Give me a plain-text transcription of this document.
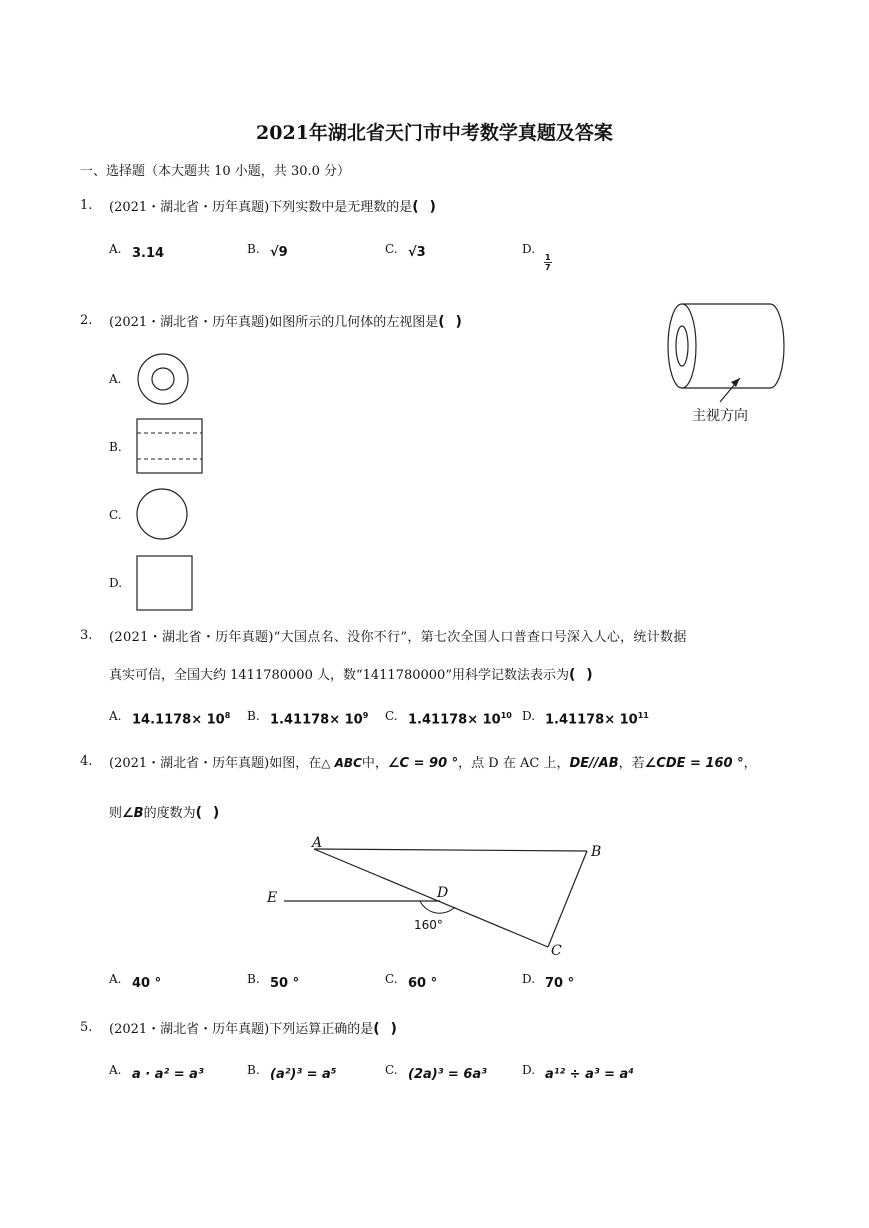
2021年湖北省天门市中考数学真题及答案
一、选择题（本大题共 10 小题，共 30.0 分）
1. (2021・湖北省・历年真题)下列实数中是无理数的是( )
A. 3.14	B. √9	C. √3	D.
$\frac{1}{7}$
2. (2021・湖北省・历年真题)如图所示的几何体的左视图是( )
主视方向
A.
B.
C.
D.
3. (2021・湖北省・历年真题)“大国点名、没你不行”，第七次全国人口普查口号深入人心，统计数据
真实可信，全国大约 1411780000 人，数“1411780000”用科学记数法表示为( )
A. $14.1178\times 10^8$ B. $1.41178\times 10^9$ C. $1.41178\times 10^{10}$ D. $1.41178\times 10^{11}$
4. (2021・湖北省・历年真题)如图，在△ ABC中，∠C = 90 °，点 D 在 AC 上，DE//AB，若∠CDE = 160 °，
则∠B的度数为( )
A
B
C
D
E
160°
A. 40 °	B. 50 °	C. 60 °	D. 70 °
5. (2021・湖北省・历年真题)下列运算正确的是( )
A. a · a² = a³	B. (a²)³ = a⁵	C. (2a)³ = 6a³	D. a¹² ÷ a³ = a⁴
